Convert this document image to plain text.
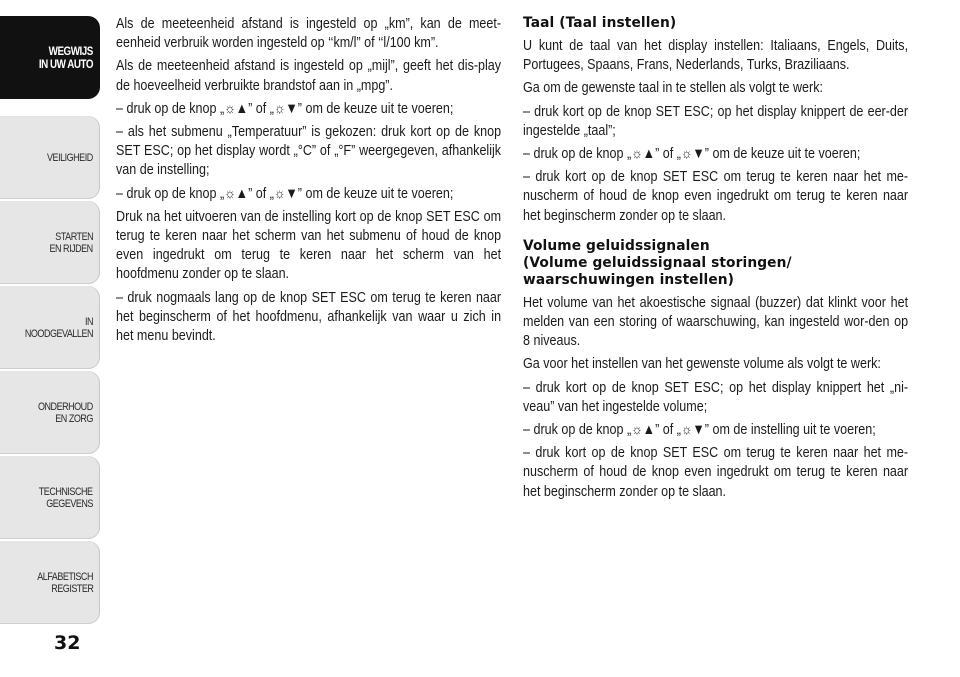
WEGWIJS
IN UW AUTO
VEILIGHEID
STARTEN
EN RIJDEN
IN NOODGEVALLEN
ONDERHOUD
EN ZORG
TECHNISCHE
GEGEVENS
ALFABETISCH
REGISTER
32

Als de meeteenheid afstand is ingesteld op „km”, kan de meet-eenheid verbruik worden ingesteld op ‘‘km/l” of ‘‘l/100 km”.

Als de meeteenheid afstand is ingesteld op „mijl”, geeft het dis-play de hoeveelheid verbruikte brandstof aan in „mpg”.

– druk op de knop „☼▲” of „☼▼” om de keuze uit te voeren;

– als het submenu „Temperatuur” is gekozen: druk kort op de knop SET ESC; op het display wordt „°C” of „°F” weergegeven, afhankelijk van de instelling;

– druk op de knop „☼▲” of „☼▼” om de keuze uit te voeren;

Druk na het uitvoeren van de instelling kort op de knop SET ESC om terug te keren naar het scherm van het submenu of houd de knop even ingedrukt om terug te keren naar het scherm van het hoofdmenu zonder op te slaan.

– druk nogmaals lang op de knop SET ESC om terug te keren naar het beginscherm of het hoofdmenu, afhankelijk van waar u zich in het menu bevindt.

Taal (Taal instellen)

U kunt de taal van het display instellen: Italiaans, Engels, Duits, Portugees, Spaans, Frans, Nederlands, Turks, Braziliaans.

Ga om de gewenste taal in te stellen als volgt te werk:

– druk kort op de knop SET ESC; op het display knippert de eer-der ingestelde „taal”;

– druk op de knop „☼▲” of „☼▼” om de keuze uit te voeren;

– druk kort op de knop SET ESC om terug te keren naar het me-nuscherm of houd de knop even ingedrukt om terug te keren naar het beginscherm zonder op te slaan.

Volume geluidssignalen
(Volume geluidssignaal storingen/
waarschuwingen instellen)

Het volume van het akoestische signaal (buzzer) dat klinkt voor het melden van een storing of waarschuwing, kan ingesteld wor-den op 8 niveaus.

Ga voor het instellen van het gewenste volume als volgt te werk:

– druk kort op de knop SET ESC; op het display knippert het „ni-veau” van het ingestelde volume;

– druk op de knop „☼▲” of „☼▼” om de instelling uit te voeren;

– druk kort op de knop SET ESC om terug te keren naar het me-nuscherm of houd de knop even ingedrukt om terug te keren naar het beginscherm zonder op te slaan.
